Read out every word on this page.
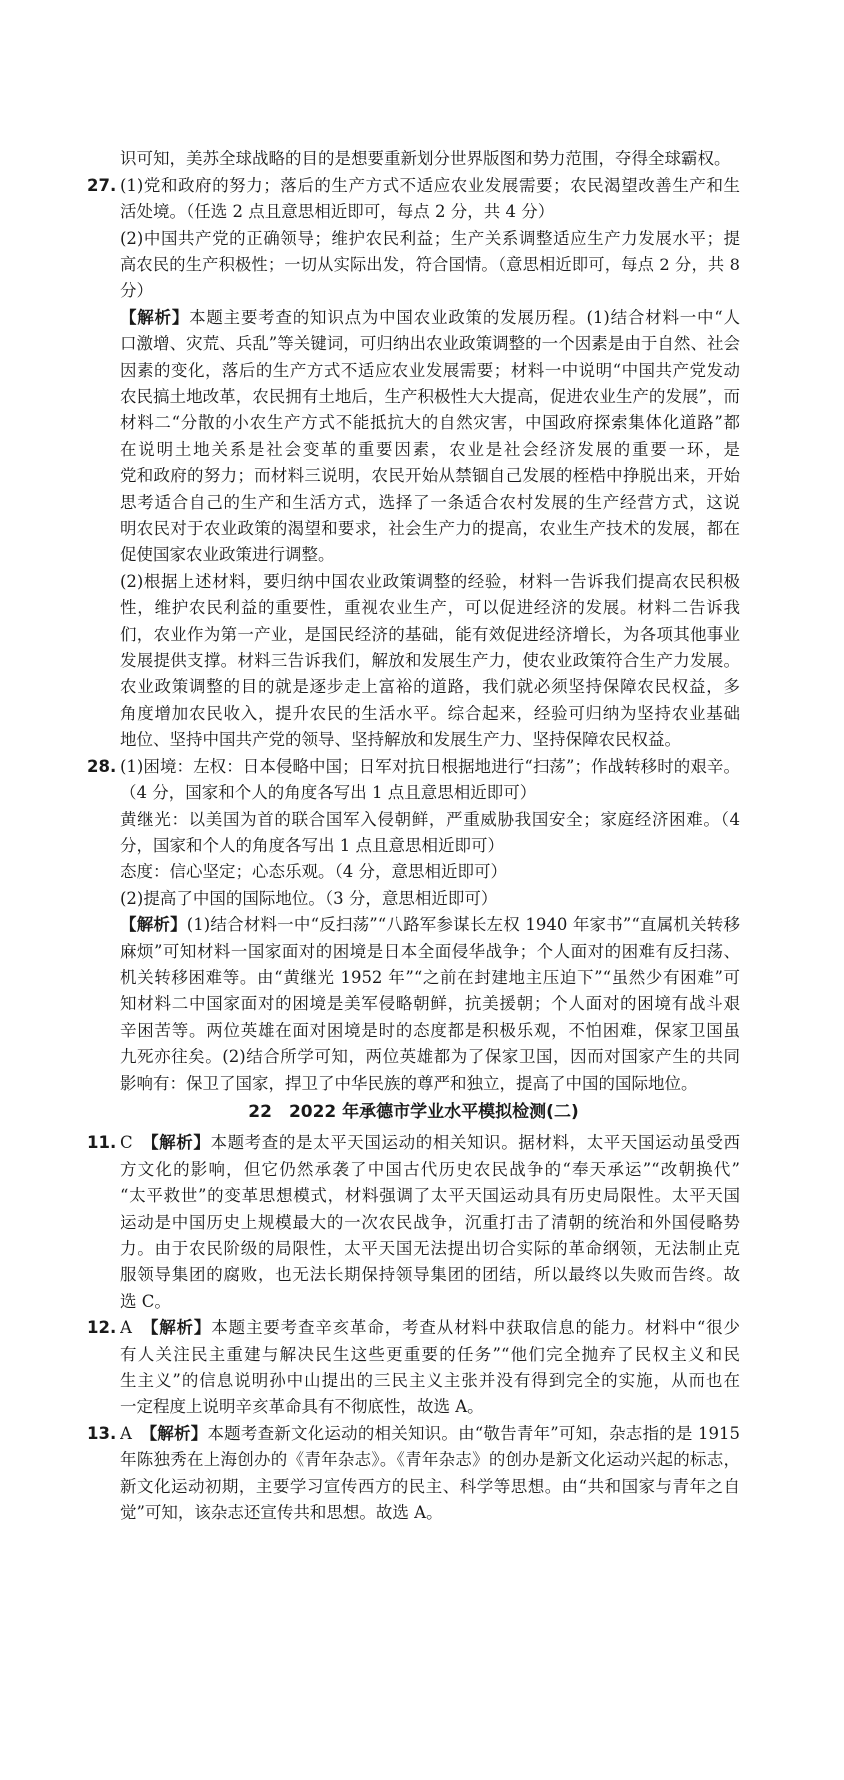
识可知，美苏全球战略的目的是想要重新划分世界版图和势力范围，夺得全球霸权。
27. (1)党和政府的努力；落后的生产方式不适应农业发展需要；农民渴望改善生产和生
活处境。（任选 2 点且意思相近即可，每点 2 分，共 4 分）
(2)中国共产党的正确领导；维护农民利益；生产关系调整适应生产力发展水平；提
高农民的生产积极性；一切从实际出发，符合国情。（意思相近即可，每点 2 分，共 8
分）
【解析】本题主要考查的知识点为中国农业政策的发展历程。(1)结合材料一中“人
口激增、灾荒、兵乱”等关键词，可归纳出农业政策调整的一个因素是由于自然、社会
因素的变化，落后的生产方式不适应农业发展需要；材料一中说明“中国共产党发动
农民搞土地改革，农民拥有土地后，生产积极性大大提高，促进农业生产的发展”，而
材料二“分散的小农生产方式不能抵抗大的自然灾害，中国政府探索集体化道路”都
在说明土地关系是社会变革的重要因素，农业是社会经济发展的重要一环，是
党和政府的努力；而材料三说明，农民开始从禁锢自己发展的桎梏中挣脱出来，开始
思考适合自己的生产和生活方式，选择了一条适合农村发展的生产经营方式，这说
明农民对于农业政策的渴望和要求，社会生产力的提高，农业生产技术的发展，都在
促使国家农业政策进行调整。
(2)根据上述材料，要归纳中国农业政策调整的经验，材料一告诉我们提高农民积极
性，维护农民利益的重要性，重视农业生产，可以促进经济的发展。材料二告诉我
们，农业作为第一产业，是国民经济的基础，能有效促进经济增长，为各项其他事业
发展提供支撑。材料三告诉我们，解放和发展生产力，使农业政策符合生产力发展。
农业政策调整的目的就是逐步走上富裕的道路，我们就必须坚持保障农民权益，多
角度增加农民收入，提升农民的生活水平。综合起来，经验可归纳为坚持农业基础
地位、坚持中国共产党的领导、坚持解放和发展生产力、坚持保障农民权益。
28. (1)困境：左权：日本侵略中国；日军对抗日根据地进行“扫荡”；作战转移时的艰辛。
（4 分，国家和个人的角度各写出 1 点且意思相近即可）
黄继光：以美国为首的联合国军入侵朝鲜，严重威胁我国安全；家庭经济困难。（4
分，国家和个人的角度各写出 1 点且意思相近即可）
态度：信心坚定；心态乐观。（4 分，意思相近即可）
(2)提高了中国的国际地位。（3 分，意思相近即可）
【解析】(1)结合材料一中“反扫荡”“八路军参谋长左权 1940 年家书”“直属机关转移
麻烦”可知材料一国家面对的困境是日本全面侵华战争；个人面对的困难有反扫荡、
机关转移困难等。由“黄继光 1952 年”“之前在封建地主压迫下”“虽然少有困难”可
知材料二中国家面对的困境是美军侵略朝鲜，抗美援朝；个人面对的困境有战斗艰
辛困苦等。两位英雄在面对困境是时的态度都是积极乐观，不怕困难，保家卫国虽
九死亦往矣。(2)结合所学可知，两位英雄都为了保家卫国，因而对国家产生的共同
影响有：保卫了国家，捍卫了中华民族的尊严和独立，提高了中国的国际地位。
22　2022 年承德市学业水平模拟检测(二)
11. C　【解析】本题考查的是太平天国运动的相关知识。据材料，太平天国运动虽受西
方文化的影响，但它仍然承袭了中国古代历史农民战争的“奉天承运”“改朝换代”
“太平救世”的变革思想模式，材料强调了太平天国运动具有历史局限性。太平天国
运动是中国历史上规模最大的一次农民战争，沉重打击了清朝的统治和外国侵略势
力。由于农民阶级的局限性，太平天国无法提出切合实际的革命纲领，无法制止克
服领导集团的腐败，也无法长期保持领导集团的团结，所以最终以失败而告终。故
选 C。
12. A　【解析】本题主要考查辛亥革命，考查从材料中获取信息的能力。材料中“很少
有人关注民主重建与解决民生这些更重要的任务”“他们完全抛弃了民权主义和民
生主义”的信息说明孙中山提出的三民主义主张并没有得到完全的实施，从而也在
一定程度上说明辛亥革命具有不彻底性，故选 A。
13. A　【解析】本题考查新文化运动的相关知识。由“敬告青年”可知，杂志指的是 1915
年陈独秀在上海创办的《青年杂志》。《青年杂志》的创办是新文化运动兴起的标志，
新文化运动初期，主要学习宣传西方的民主、科学等思想。由“共和国家与青年之自
觉”可知，该杂志还宣传共和思想。故选 A。
